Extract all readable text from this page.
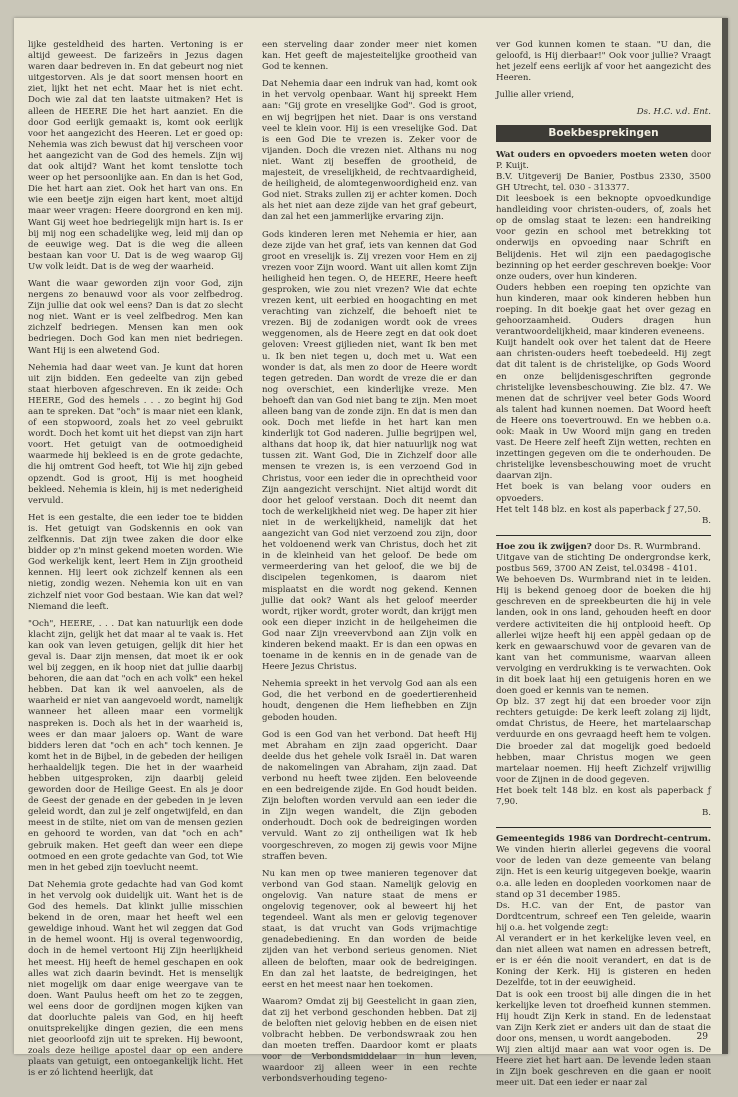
lijke gesteldheid des harten. Vertoning is er altijd geweest. De farizeërs in Jezus dagen waren daar bedreven in. En dat gebeurt nog niet uitgestorven. Als je dat soort mensen hoort en ziet, lijkt het net echt. Maar het is niet echt. Doch wie zal dat ten laatste uitmaken? Het is alleen de HEERE Die het hart aanziet. En die door God eerlijk gemaakt is, komt ook eerlijk voor het aangezicht des Heeren. Let er goed op: Nehemia was zich bewust dat hij verscheen voor het aangezicht van de God des hemels. Zijn wij dat ook altijd? Want het komt tenslotte toch weer op het persoonlijke aan. En dan is het God, Die het hart aan ziet. Ook het hart van ons. En wie een beetje zijn eigen hart kent, moet altijd maar weer vragen: Heere doorgrond en ken mij. Want Gij weet hoe bedriegelijk mijn hart is. Is er bij mij nog een schadelijke weg, leid mij dan op de eeuwige weg. Dat is die weg die alleen bestaan kan voor U. Dat is de weg waarop Gij Uw volk leidt. Dat is de weg der waarheid.

Want die waar geworden zijn voor God, zijn nergens zo benauwd voor als voor zelfbedrog. Zijn jullie dat ook wel eens? Dan is dat zo slecht nog niet. Want er is veel zelfbedrog. Men kan zichzelf bedriegen. Mensen kan men ook bedriegen. Doch God kan men niet bedriegen. Want Hij is een alwetend God.

Nehemia had daar weet van. Je kunt dat horen uit zijn bidden. Een gedeelte van zijn gebed staat hierboven afgeschreven. En ik zeide: Och HEERE, God des hemels . . . zo begint hij God aan te spreken. Dat "och" is maar niet een klank, of een stopwoord, zoals het zo veel gebruikt wordt. Doch het komt uit het diepst van zijn hart voort. Het getuigt van de ootmoedigheid waarmede hij bekleed is en de grote gedachte, die hij omtrent God heeft, tot Wie hij zijn gebed opzendt. God is groot, Hij is met hoogheid bekleed. Nehemia is klein, hij is met nederigheid vervuld.

Het is een gestalte, die een ieder toe te bidden is. Het getuigt van Godskennis en ook van zelfkennis. Dat zijn twee zaken die door elke bidder op z'n minst gekend moeten worden. Wie God werkelijk kent, leert Hem in Zijn grootheid kennen. Hij leert ook zichzelf kennen als een nietig, zondig wezen. Nehemia kon uit en van zichzelf niet voor God bestaan. Wie kan dat wel? Niemand die leeft.

"Och", HEERE, . . . Dat kan natuurlijk een dode klacht zijn, gelijk het dat maar al te vaak is. Het kan ook van leven getuigen, gelijk dit hier het geval is. Daar zijn mensen, dat moet ik er ook wel bij zeggen, en ik hoop niet dat jullie daarbij behoren, die aan dat "och en ach volk" een hekel hebben. Dat kan ik wel aanvoelen, als de waarheid er niet van aangevoeld wordt, namelijk wanneer het alleen maar een vormelijk naspreken is. Doch als het in der waarheid is, wees er dan maar jaloers op. Want de ware bidders leren dat "och en ach" toch kennen. Je komt het in de Bijbel, in de gebeden der heiligen herhaaldelijk tegen. Die het in der waarheid hebben uitgesproken, zijn daarbij geleid geworden door de Heilige Geest. En als je door de Geest der genade en der gebeden in je leven geleid wordt, dan zul je zelf ongetwijfeld, en dan meest in de stilte, niet om van de mensen gezien en gehoord te worden, van dat "och en ach" gebruik maken. Het geeft dan weer een diepe ootmoed en een grote gedachte van God, tot Wie men in het gebed zijn toevlucht neemt.

Dat Nehemia grote gedachte had van God komt in het vervolg ook duidelijk uit. Want het is de God des hemels. Dat klinkt jullie misschien bekend in de oren, maar het heeft wel een geweldige inhoud. Want het wil zeggen dat God in de hemel woont. Hij is overal tegenwoordig, doch in de hemel vertoont Hij Zijn heerlijkheid het meest. Hij heeft de hemel geschapen en ook alles wat zich daarin bevindt. Het is menselijk niet mogelijk om daar enige weergave van te doen. Want Paulus heeft om het zo te zeggen, wel eens door de gordijnen mogen kijken van dat doorluchte paleis van God, en hij heeft onuitsprekelijke dingen gezien, die een mens niet geoorloofd zijn uit te spreken. Hij bewoont, zoals deze heilige apostel daar op een andere plaats van getuigt, een ontoegankelijk licht. Het is er zó lichtend heerlijk, dat

een sterveling daar zonder meer niet komen kan. Het geeft de majesteitelijke grootheid van God te kennen.

Dat Nehemia daar een indruk van had, komt ook in het vervolg openbaar. Want hij spreekt Hem aan: "Gij grote en vreselijke God". God is groot, en wij begrijpen het niet. Daar is ons verstand veel te klein voor. Hij is een vreselijke God. Dat is een God Die te vrezen is. Zeker voor de vijanden. Doch die vrezen niet. Althans nu nog niet. Want zij beseffen de grootheid, de majesteit, de vreselijkheid, de rechtvaardigheid, de heiligheid, de alomtegenwoordigheid enz. van God niet. Straks zullen zij er achter komen. Doch als het niet aan deze zijde van het graf gebeurt, dan zal het een jammerlijke ervaring zijn.

Gods kinderen leren met Nehemia er hier, aan deze zijde van het graf, iets van kennen dat God groot en vreselijk is. Zij vrezen voor Hem en zij vrezen voor Zijn woord. Want uit allen komt Zijn heiligheid hen tegen. O, de HEERE, Heere heeft gesproken, wie zou niet vrezen? Wie dat echte vrezen kent, uit eerbied en hoogachting en met verachting van zichzelf, die behoeft niet te vrezen. Bij de zodanigen wordt ook de vrees weggenomen, als de Heere zegt en dat ook doet geloven: Vreest gijlieden niet, want Ik ben met u. Ik ben niet tegen u, doch met u. Wat een wonder is dat, als men zo door de Heere wordt tegen getreden. Dan wordt de vreze die er dan nog overschiet, een kinderlijke vreze. Men behoeft dan van God niet bang te zijn. Men moet alleen bang van de zonde zijn. En dat is men dan ook. Doch met liefde in het hart kan men kinderlijk tot God naderen. Jullie begrijpen wel, althans dat hoop ik, dat hier natuurlijk nog wat tussen zit. Want God, Die in Zichzelf door alle mensen te vrezen is, is een verzoend God in Christus, voor een ieder die in oprechtheid voor Zijn aangezicht verschijnt. Niet altijd wordt dit door het geloof verstaan. Doch dit neemt dan toch de werkelijkheid niet weg. De haper zit hier niet in de werkelijkheid, namelijk dat het aangezicht van God niet verzoend zou zijn, door het voldoenend werk van Christus, doch het zit in de kleinheid van het geloof. De bede om vermeerdering van het geloof, die we bij de discipelen tegenkomen, is daarom niet misplaatst en die wordt nog gekend. Kennen jullie dat ook? Want als het geloof meerder wordt, rijker wordt, groter wordt, dan krijgt men ook een dieper inzicht in de heilgeheimen die God naar Zijn vreevervbond aan Zijn volk en kinderen bekend maakt. Er is dan een opwas en toename in de kennis en in de genade van de Heere Jezus Christus.

Nehemia spreekt in het vervolg God aan als een God, die het verbond en de goedertierenheid houdt, dengenen die Hem liefhebben en Zijn geboden houden.

God is een God van het verbond. Dat heeft Hij met Abraham en zijn zaad opgericht. Daar deelde dus het gehele volk Israël in. Dat waren de nakomelingen van Abraham, zijn zaad. Dat verbond nu heeft twee zijden. Een beloveende en een bedreigende zijde. En God houdt beiden. Zijn beloften worden vervuld aan een ieder die in Zijn wegen wandelt, die Zijn geboden onderhoudt. Doch ook de bedreigingen worden vervuld. Want zo zij ontheiligen wat Ik heb voorgeschreven, zo mogen zij gewis voor Mijne straffen beven.

Nu kan men op twee manieren tegenover dat verbond van God staan. Namelijk gelovig en ongelovig. Van nature staat de mens er ongelovig tegenover, ook al beweert hij het tegendeel. Want als men er gelovig tegenover staat, is dat vrucht van Gods vrijmachtige genadebediening. En dan worden de beide zijden van het verbond serieus genomen. Niet alleen de beloften, maar ook de bedreigingen. En dan zal het laatste, de bedreigingen, het eerst en het meest naar hen toekomen.

Waarom? Omdat zij bij Geestelicht in gaan zien, dat zij het verbond geschonden hebben. Dat zij de beloften niet gelovig hebben en de eisen niet volbracht hebben. De verbondswraak zou hen dan moeten treffen. Daardoor komt er plaats voor de Verbondsmiddelaar in hun leven, waardoor zij alleen weer in een rechte verbondsverhouding tegeno-

ver God kunnen komen te staan. "U dan, die geloofd, is Hij dierbaar!" Ook voor jullie? Vraagt het jezelf eens eerlijk af voor het aangezicht des Heeren.

Jullie aller vriend,

Ds. H.C. v.d. Ent.

Boekbesprekingen

Wat ouders en opvoeders moeten weten door P. Kuijt.

B.V. Uitgeverij De Banier, Postbus 2330, 3500 GH Utrecht, tel. 030 - 313377.

Dit leesboek is een beknopte opvoedkundige handleiding voor christen-ouders, of, zoals het op de omslag staat te lezen: een handreiking voor gezin en school met betrekking tot onderwijs en opvoeding naar Schrift en Belijdenis. Het wil zijn een paedagogische bezinning op het eerder geschreven boekje: Voor onze ouders, over hun kinderen.

Ouders hebben een roeping ten opzichte van hun kinderen, maar ook kinderen hebben hun roeping. In dit boekje gaat het over gezag en gehoorzaamheid. Ouders dragen hun verantwoordelijkheid, maar kinderen eveneens.

Kuijt handelt ook over het talent dat de Heere aan christen-ouders heeft toebedeeld. Hij zegt dat dit talent is de christelijke, op Gods Woord en onze belijdenisgeschriften gegronde christelijke levensbeschouwing. Zie blz. 47. We menen dat de schrijver veel beter Gods Woord als talent had kunnen noemen. Dat Woord heeft de Heere ons toevertrouwd. En we hebben o.a. ook: Maak in Uw Woord mijn gang en treden vast. De Heere zelf heeft Zijn wetten, rechten en inzettingen gegeven om die te onderhouden. De christelijke levensbeschouwing moet de vrucht daarvan zijn.

Het boek is van belang voor ouders en opvoeders.

Het telt 148 blz. en kost als paperback ƒ 27,50.

B.

Hoe zou ik zwijgen? door Ds. R. Wurmbrand.

Uitgave van de stichting De ondergrondse kerk, postbus 569, 3700 AN Zeist, tel.03498 - 4101.

We behoeven Ds. Wurmbrand niet in te leiden. Hij is bekend genoeg door de boeken die hij geschreven en de spreekbeurten die hij in vele landen, ook in ons land, gehouden heeft en door verdere activiteiten die hij ontplooid heeft. Op allerlei wijze heeft hij een appèl gedaan op de kerk en gewaarschuwd voor de gevaren van de kant van het communisme, waarvan alleen vervolging en verdrukking is te verwachten. Ook in dit boek laat hij een getuigenis horen en we doen goed er kennis van te nemen.

Op blz. 37 zegt hij dat een broeder voor zijn rechters getuigde: De kerk leeft zolang zij lijdt, omdat Christus, de Heere, het martelaarschap verduurde en ons gevraagd heeft hem te volgen. Die broeder zal dat mogelijk goed bedoeld hebben, maar Christus mogen we geen martelaar noemen. Hij heeft Zichzelf vrijwillig voor de Zijnen in de dood gegeven.

Het boek telt 148 blz. en kost als paperback ƒ 7,90.

B.

Gemeentegids 1986 van Dordrecht-centrum.

We vinden hierin allerlei gegevens die vooral voor de leden van deze gemeente van belang zijn. Het is een keurig uitgegeven boekje, waarin o.a. alle leden en doopleden voorkomen naar de stand op 31 december 1985.

Ds. H.C. van der Ent, de pastor van Dordtcentrum, schreef een Ten geleide, waarin hij o.a. het volgende zegt:

Al verandert er in het kerkelijke leven veel, en dan niet alleen wat namen en adressen betreft, er is er één die nooit verandert, en dat is de Koning der Kerk. Hij is gisteren en heden Dezelfde, tot in der eeuwigheid.

Dat is ook een troost bij alle dingen die in het kerkelijke leven tot droefheid kunnen stemmen. Hij houdt Zijn Kerk in stand. En de ledenstaat van Zijn Kerk ziet er anders uit dan de staat die door ons, mensen, u wordt aangeboden.

Wij zien altijd maar aan wat voor ogen is. De Heere ziet het hart aan. De levende leden staan in Zijn boek geschreven en die gaan er nooit meer uit. Dat een ieder er naar zal

29
